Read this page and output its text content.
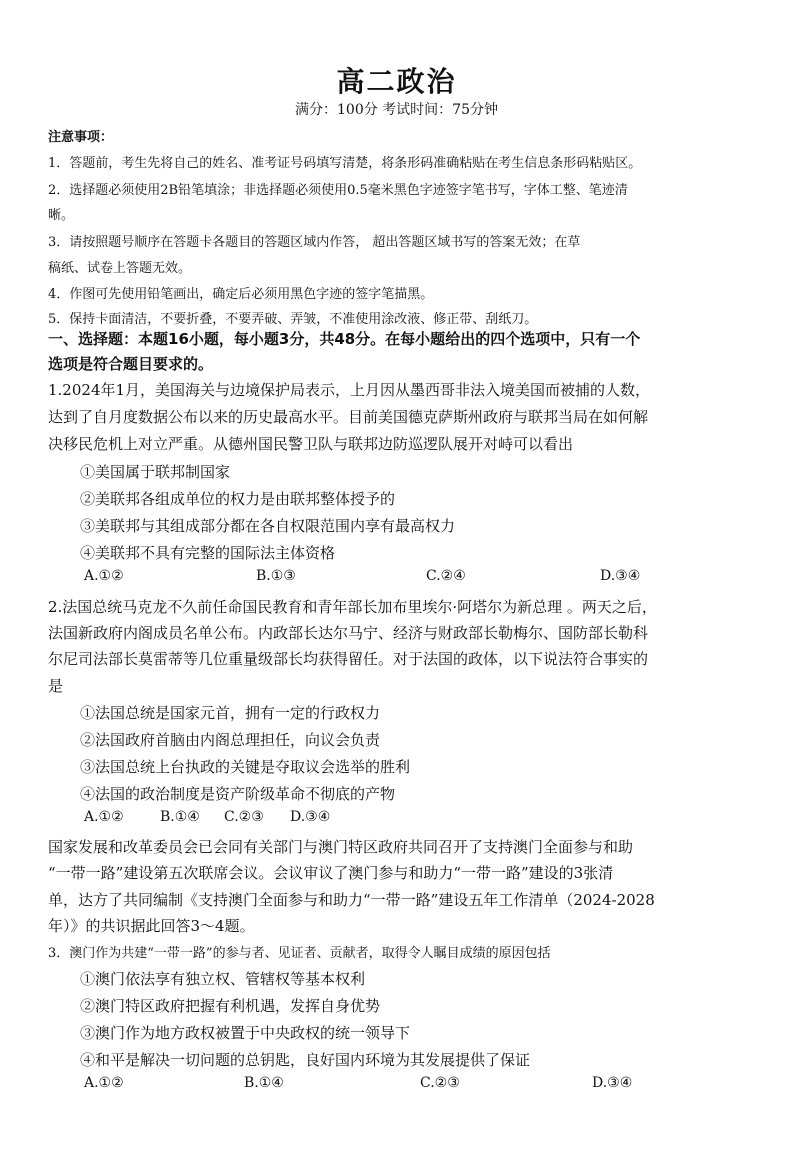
高二政治
满分：100分 考试时间：75分钟
注意事项：
1．答题前，考生先将自己的姓名、准考证号码填写清楚，将条形码准确粘贴在考生信息条形码粘贴区。
2．选择题必须使用2B铅笔填涂；非选择题必须使用0.5毫米黑色字迹签字笔书写，字体工整、笔迹清
晰。
3．请按照题号顺序在答题卡各题目的答题区域内作答， 超出答题区域书写的答案无效；在草
稿纸、试卷上答题无效。
4．作图可先使用铅笔画出，确定后必须用黑色字迹的签字笔描黑。
5．保持卡面清洁，不要折叠，不要弄破、弄皱，不准使用涂改液、修正带、刮纸刀。
一、选择题：本题16小题，每小题3分，共48分。在每小题给出的四个选项中，只有一个
选项是符合题目要求的。
1.2024年1月，美国海关与边境保护局表示，上月因从墨西哥非法入境美国而被捕的人数，
达到了自月度数据公布以来的历史最高水平。目前美国德克萨斯州政府与联邦当局在如何解
决移民危机上对立严重。从德州国民警卫队与联邦边防巡逻队展开对峙可以看出
①美国属于联邦制国家
②美联邦各组成单位的权力是由联邦整体授予的
③美联邦与其组成部分都在各自权限范围内享有最高权力
④美联邦不具有完整的国际法主体资格
A.①②	B.①③	C.②④	D.③④
2.法国总统马克龙不久前任命国民教育和青年部长加布里埃尔·阿塔尔为新总理 。两天之后，
法国新政府内阁成员名单公布。内政部长达尔马宁、经济与财政部长勒梅尔、国防部长勒科
尔尼司法部长莫雷蒂等几位重量级部长均获得留任。对于法国的政体，以下说法符合事实的
是
①法国总统是国家元首，拥有一定的行政权力
②法国政府首脑由内阁总理担任，向议会负责
③法国总统上台执政的关键是夺取议会选举的胜利
④法国的政治制度是资产阶级革命不彻底的产物
A.①②	B.①④ C.②③ D.③④
国家发展和改革委员会已会同有关部门与澳门特区政府共同召开了支持澳门全面参与和助
“一带一路”建设第五次联席会议。会议审议了澳门参与和助力“一带一路”建设的3张清
单，达方了共同编制《支持澳门全面参与和助力“一带一路”建设五年工作清单（2024-2028
年）》的共识据此回答3～4题。
3．澳门作为共建“一带一路”的参与者、见证者、贡献者，取得令人瞩目成绩的原因包括
①澳门依法享有独立权、管辖权等基本权利
②澳门特区政府把握有利机遇，发挥自身优势
③澳门作为地方政权被置于中央政权的统一领导下
④和平是解决一切问题的总钥匙，良好国内环境为其发展提供了保证
A.①②	B.①④	C.②③	D.③④
